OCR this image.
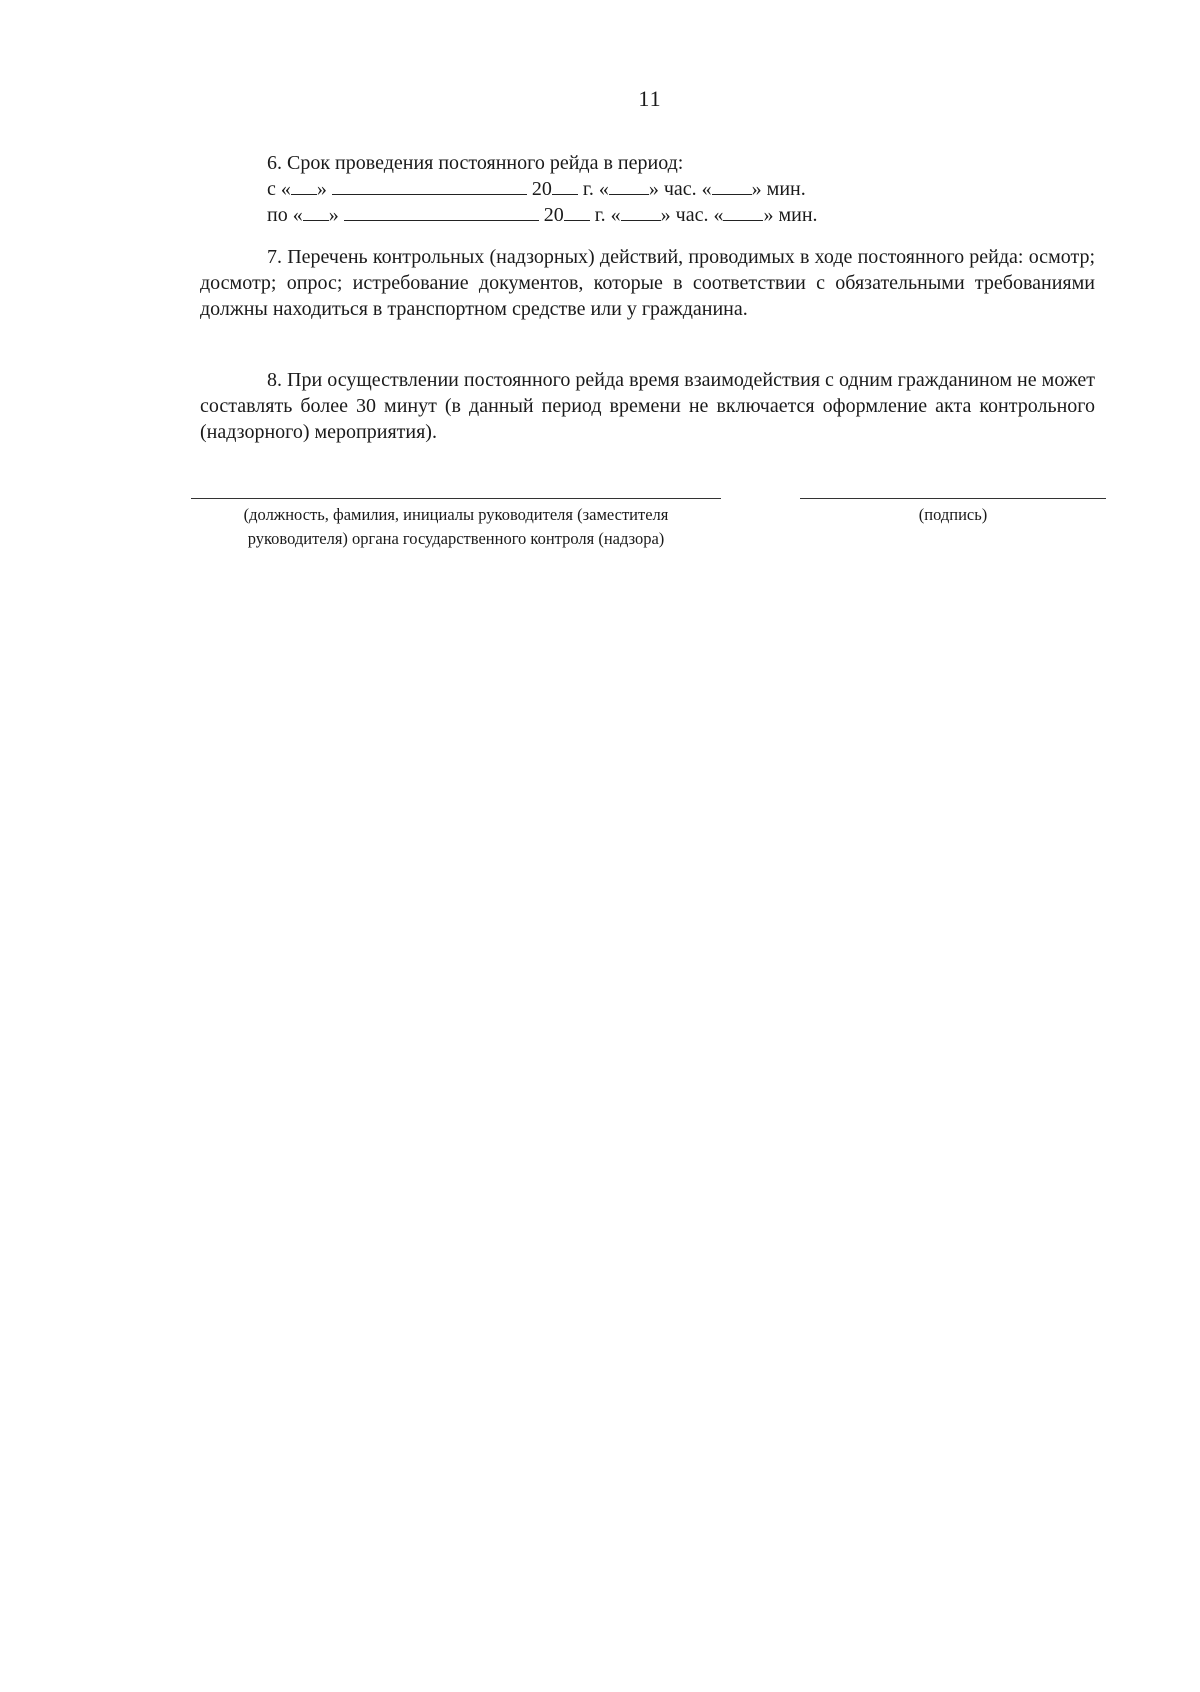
11
6. Срок проведения постоянного рейда в период:
с « »	20 г. « » час. « » мин.
по « »	20 г. « » час. « » мин.

7. Перечень контрольных (надзорных) действий, проводимых в ходе постоянного рейда: осмотр; досмотр; опрос; истребование документов, которые в соответствии с обязательными требованиями должны находиться в транспортном средстве или у гражданина.

8. При осуществлении постоянного рейда время взаимодействия с одним гражданином не может составлять более 30 минут (в данный период времени не включается оформление акта контрольного (надзорного) мероприятия).

(должность, фамилия, инициалы руководителя (заместителя
руководителя) органа государственного контроля (надзора)
(подпись)
